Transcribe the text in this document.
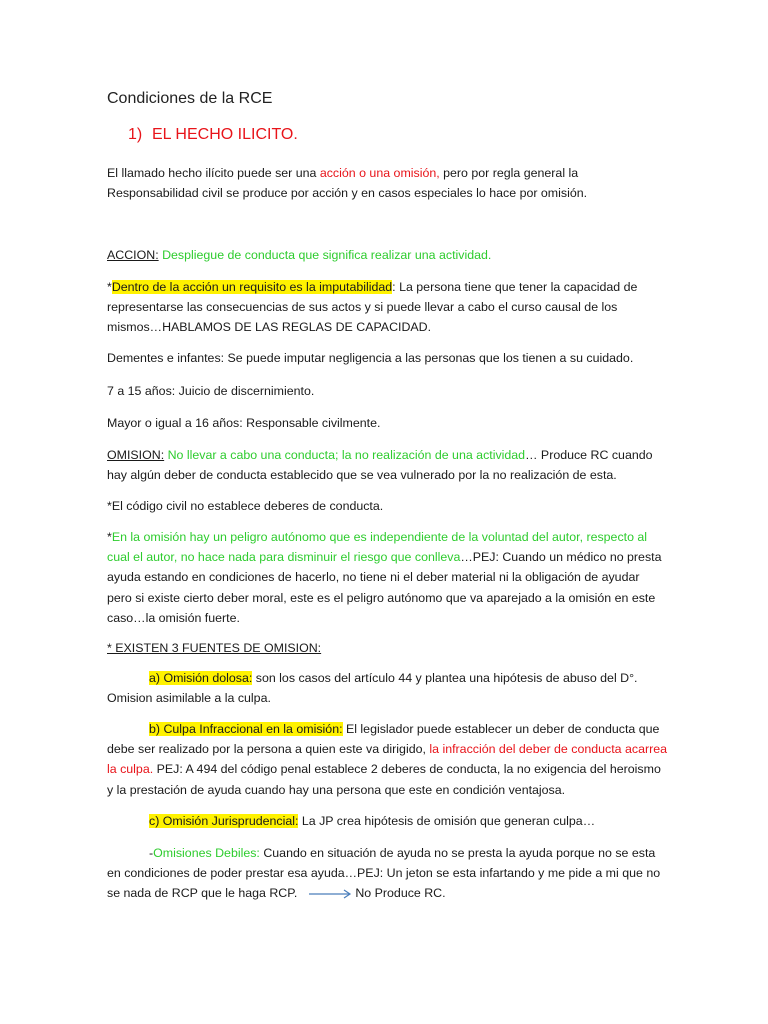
Condiciones de la RCE
1) EL HECHO ILICITO.

El llamado hecho ilícito puede ser una acción o una omisión, pero por regla general la Responsabilidad civil se produce por acción y en casos especiales lo hace por omisión.

ACCION: Despliegue de conducta que significa realizar una actividad.

*Dentro de la acción un requisito es la imputabilidad: La persona tiene que tener la capacidad de representarse las consecuencias de sus actos y si puede llevar a cabo el curso causal de los mismos…HABLAMOS DE LAS REGLAS DE CAPACIDAD.

Dementes e infantes: Se puede imputar negligencia a las personas que los tienen a su cuidado.

7 a 15 años: Juicio de discernimiento.

Mayor o igual a 16 años: Responsable civilmente.

OMISION: No llevar a cabo una conducta; la no realización de una actividad… Produce RC cuando hay algún deber de conducta establecido que se vea vulnerado por la no realización de esta.

*El código civil no establece deberes de conducta.

*En la omisión hay un peligro autónomo que es independiente de la voluntad del autor, respecto al cual el autor, no hace nada para disminuir el riesgo que conlleva…PEJ: Cuando un médico no presta ayuda estando en condiciones de hacerlo, no tiene ni el deber material ni la obligación de ayudar pero si existe cierto deber moral, este es el peligro autónomo que va aparejado a la omisión en este caso…la omisión fuerte.

* EXISTEN 3 FUENTES DE OMISION:

a) Omisión dolosa: son los casos del artículo 44 y plantea una hipótesis de abuso del D°. Omision asimilable a la culpa.

b) Culpa Infraccional en la omisión: El legislador puede establecer un deber de conducta que debe ser realizado por la persona a quien este va dirigido, la infracción del deber de conducta acarrea la culpa. PEJ: A 494 del código penal establece 2 deberes de conducta, la no exigencia del heroismo y la prestación de ayuda cuando hay una persona que este en condición ventajosa.

c) Omisión Jurisprudencial: La JP crea hipótesis de omisión que generan culpa…

-Omisiones Debiles: Cuando en situación de ayuda no se presta la ayuda porque no se esta en condiciones de poder prestar esa ayuda…PEJ: Un jeton se esta infartando y me pide a mi que no se nada de RCP que le haga RCP.	No Produce RC.
